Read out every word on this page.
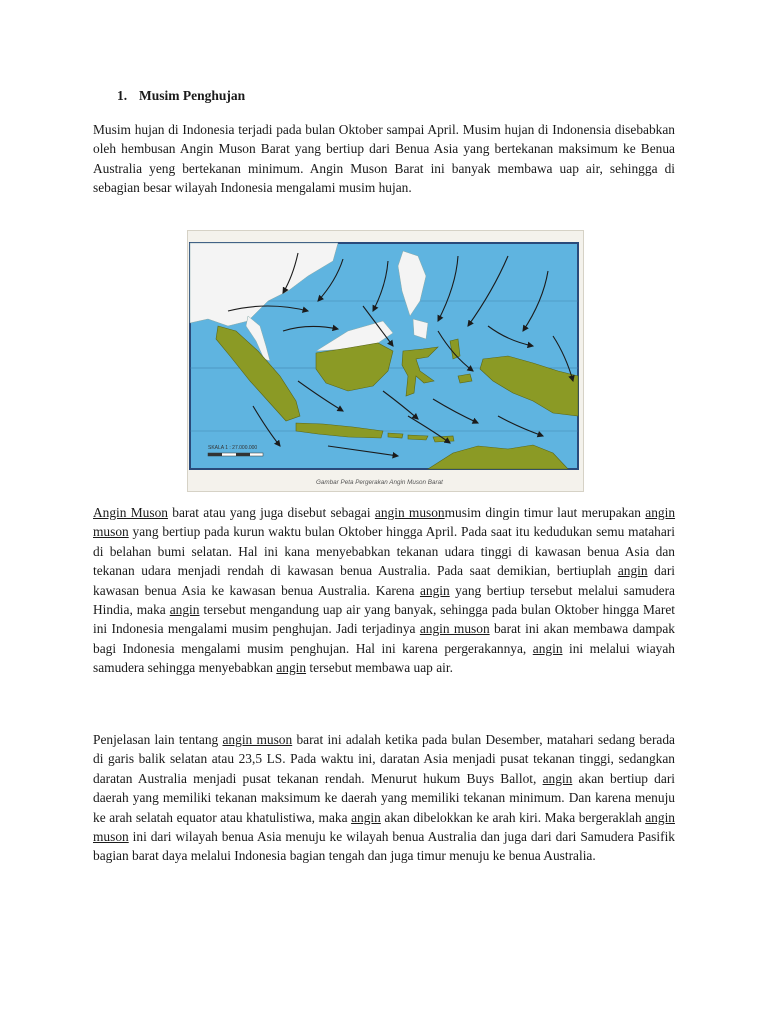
1. Musim Penghujan

Musim hujan di Indonesia terjadi pada bulan Oktober sampai April. Musim hujan di Indonensia disebabkan oleh hembusan Angin Muson Barat yang bertiup dari Benua Asia yang bertekanan maksimum ke Benua Australia yeng bertekanan minimum. Angin Muson Barat ini banyak membawa uap air, sehingga di sebagian besar wilayah Indonesia mengalami musim hujan.

SKALA 1 : 27.000.000
Gambar Peta Pergerakan Angin Muson Barat

Angin Muson barat atau yang juga disebut sebagai angin musonmusim dingin timur laut merupakan angin muson yang bertiup pada kurun waktu bulan Oktober hingga April. Pada saat itu kedudukan semu matahari di belahan bumi selatan. Hal ini kana menyebabkan tekanan udara tinggi di kawasan benua Asia dan tekanan udara menjadi rendah di kawasan benua Australia. Pada saat demikian, bertiuplah angin dari kawasan benua Asia ke kawasan benua Australia. Karena angin yang bertiup tersebut melalui samudera Hindia, maka angin tersebut mengandung uap air yang banyak, sehingga pada bulan Oktober hingga Maret ini Indonesia mengalami musim penghujan. Jadi terjadinya angin muson barat ini akan membawa dampak bagi Indonesia mengalami musim penghujan. Hal ini karena pergerakannya, angin ini melalui wiayah samudera sehingga menyebabkan angin tersebut membawa uap air.

Penjelasan lain tentang angin muson barat ini adalah ketika pada bulan Desember, matahari sedang berada di garis balik selatan atau 23,5 LS. Pada waktu ini, daratan Asia menjadi pusat tekanan tinggi, sedangkan daratan Australia menjadi pusat tekanan rendah. Menurut hukum Buys Ballot, angin akan bertiup dari daerah yang memiliki tekanan maksimum ke daerah yang memiliki tekanan minimum. Dan karena menuju ke arah selatah equator atau khatulistiwa, maka angin akan dibelokkan ke arah kiri. Maka bergeraklah angin muson ini dari wilayah benua Asia menuju ke wilayah benua Australia dan juga dari dari Samudera Pasifik bagian barat daya melalui Indonesia bagian tengah dan juga timur menuju ke benua Australia.
